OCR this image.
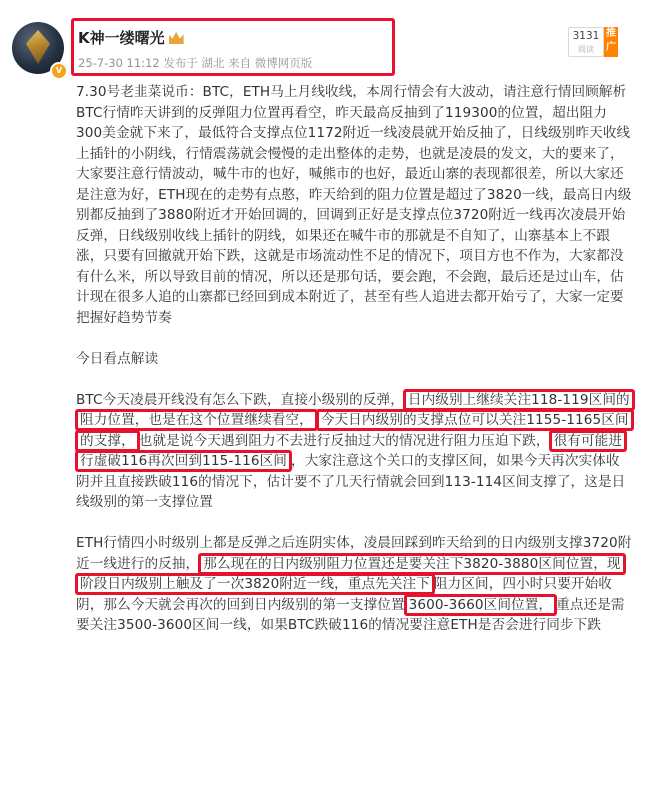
V
K神一缕曙光
25-7-30 11:12 发布于 湖北 来自 微博网页版
3131
阅读
推广

7.30号老韭菜说币：BTC，ETH马上月线收线，本周行情会有大波动，请注意行情回顾解析

BTC行情昨天讲到的反弹阻力位置再看空，昨天最高反抽到了119300的位置，超出阻力300美金就下来了，最低符合支撑点位1172附近一线凌晨就开始反抽了，日线级别昨天收线上插针的小阴线，行情震荡就会慢慢的走出整体的走势，也就是凌晨的发文，大的要来了，大家要注意行情波动，喊牛市的也好，喊熊市的也好，最近山寨的表现都很差，所以大家还是注意为好，ETH现在的走势有点憨，昨天给到的阻力位置是超过了3820一线，最高日内级别都反抽到了3880附近才开始回调的，回调到正好是支撑点位3720附近一线再次凌晨开始反弹，日线级别收线上插针的阴线，如果还在喊牛市的那就是不自知了，山寨基本上不跟涨，只要有回撤就开始下跌，这就是市场流动性不足的情况下，项目方也不作为，大家都没有什么米，所以导致目前的情况，所以还是那句话，要会跑，不会跑，最后还是过山车，估计现在很多人追的山寨都已经回到成本附近了，甚至有些人追进去都开始亏了，大家一定要把握好趋势节奏

今日看点解读

BTC今天凌晨开线没有怎么下跌，直接小级别的反弹， 日内级别上继续关注118-119区间的阻力位置，也是在这个位置继续看空， 今天日内级别的支撑点位可以关注1155-1165区间的支撑， 也就是说今天遇到阻力不去进行反抽过大的情况进行阻力压迫下跌， 很有可能进行虚破116再次回到115-116区间 ，大家注意这个关口的支撑区间，如果今天再次实体收阴并且直接跌破116的情况下，估计要不了几天行情就会回到113-114区间支撑了，这是日线级别的第一支撑位置

ETH行情四小时级别上都是反弹之后连阴实体，凌晨回踩到昨天给到的日内级别支撑3720附近一线进行的反抽， 那么现在的日内级别阻力位置还是要关注下3820-3880区间位置，现阶段日内级别上触及了一次3820附近一线，重点先关注下 阻力区间，四小时只要开始收阴，那么今天就会再次的回到日内级别的第一支撑位置 3600-3660区间位置， 重点还是需要关注3500-3600区间一线，如果BTC跌破116的情况要注意ETH是否会进行同步下跌
